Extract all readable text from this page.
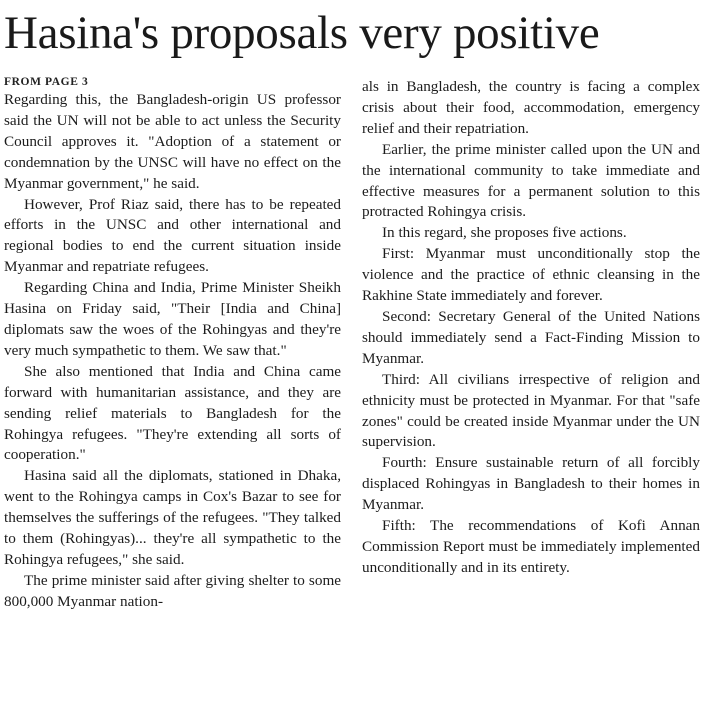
Hasina's proposals very positive
FROM PAGE 3

Regarding this, the Bangladesh-origin US professor said the UN will not be able to act unless the Security Council approves it. "Adoption of a statement or condemnation by the UNSC will have no effect on the Myanmar government," he said.

However, Prof Riaz said, there has to be repeated efforts in the UNSC and other international and regional bodies to end the current situation inside Myanmar and repatriate refugees.

Regarding China and India, Prime Minister Sheikh Hasina on Friday said, "Their [India and China] diplomats saw the woes of the Rohingyas and they're very much sympathetic to them. We saw that."

She also mentioned that India and China came forward with humanitarian assistance, and they are sending relief materials to Bangladesh for the Rohingya refugees. "They're extending all sorts of cooperation."

Hasina said all the diplomats, stationed in Dhaka, went to the Rohingya camps in Cox's Bazar to see for themselves the sufferings of the refugees. "They talked to them (Rohingyas)... they're all sympathetic to the Rohingya refugees," she said.

The prime minister said after giving shelter to some 800,000 Myanmar nation-

als in Bangladesh, the country is facing a complex crisis about their food, accommodation, emergency relief and their repatriation.

Earlier, the prime minister called upon the UN and the international community to take immediate and effective measures for a permanent solution to this protracted Rohingya crisis.

In this regard, she proposes five actions.

First: Myanmar must unconditionally stop the violence and the practice of ethnic cleansing in the Rakhine State immediately and forever.

Second: Secretary General of the United Nations should immediately send a Fact-Finding Mission to Myanmar.

Third: All civilians irrespective of religion and ethnicity must be protected in Myanmar. For that "safe zones" could be created inside Myanmar under the UN supervision.

Fourth: Ensure sustainable return of all forcibly displaced Rohingyas in Bangladesh to their homes in Myanmar.

Fifth: The recommendations of Kofi Annan Commission Report must be immediately implemented unconditionally and in its entirety.
